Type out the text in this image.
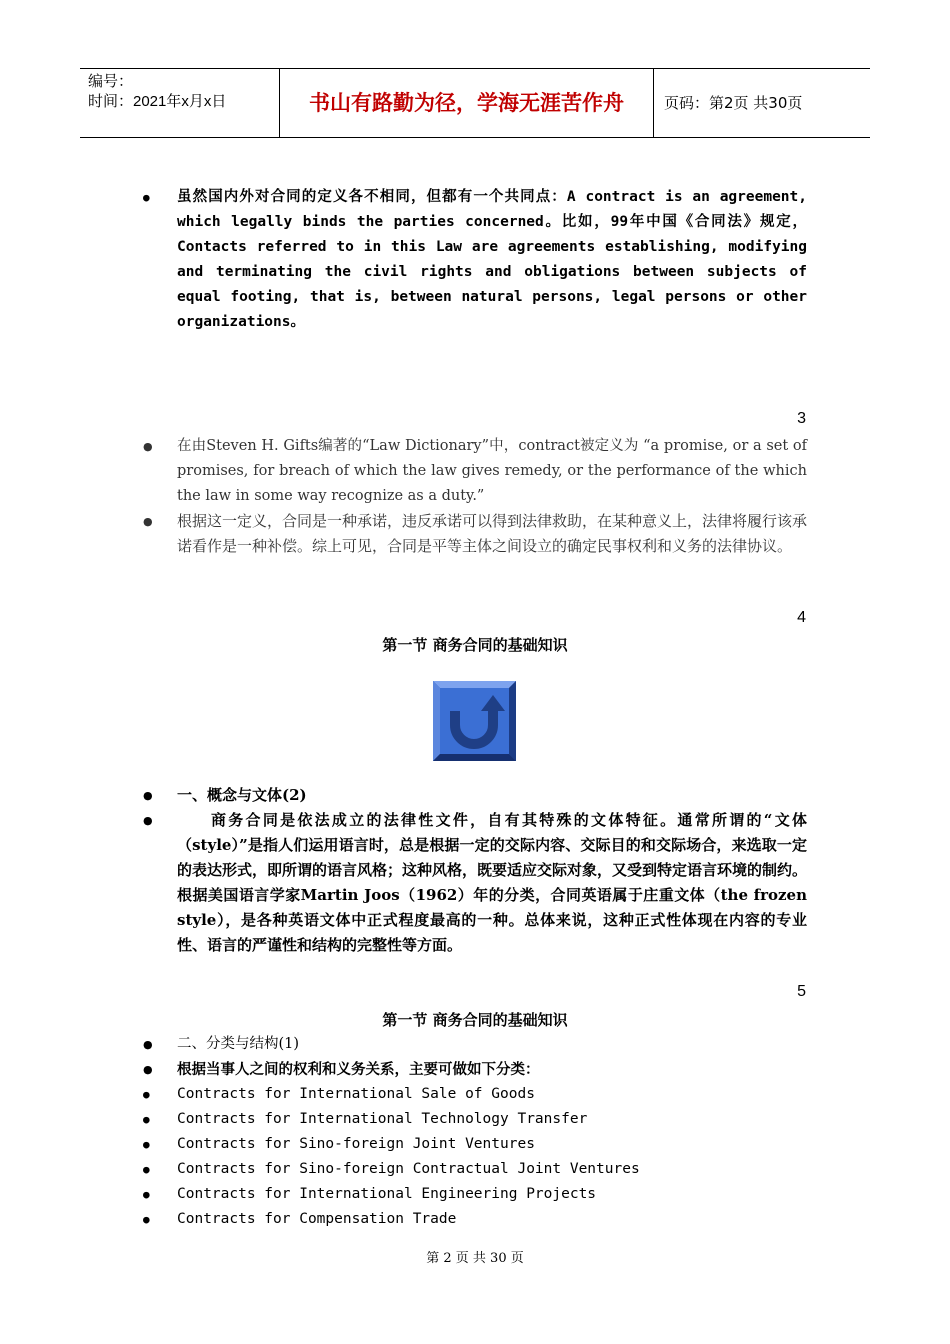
编号：
时间：2021年x月x日	书山有路勤为径，学海无涯苦作舟	页码：第2页 共30页
● 虽然国内外对合同的定义各不相同，但都有一个共同点：A contract is an agreement, which legally binds the parties concerned。比如，99年中国《合同法》规定，Contacts referred to in this Law are agreements establishing, modifying and terminating the civil rights and obligations between subjects of equal footing, that is, between natural persons, legal persons or other organizations。
3
● 在由Steven H. Gifts编著的“Law Dictionary”中，contract被定义为 “a promise, or a set of promises, for breach of which the law gives remedy, or the performance of the which the law in some way recognize as a duty.”
● 根据这一定义，合同是一种承诺，违反承诺可以得到法律救助，在某种意义上，法律将履行该承诺看作是一种补偿。综上可见，合同是平等主体之间设立的确定民事权利和义务的法律协议。
4
第一节 商务合同的基础知识
● 一、概念与文体(2)
●	商务合同是依法成立的法律性文件，自有其特殊的文体特征。通常所谓的“文体（style）”是指人们运用语言时，总是根据一定的交际内容、交际目的和交际场合，来选取一定的表达形式，即所谓的语言风格；这种风格，既要适应交际对象，又受到特定语言环境的制约。根据美国语言学家Martin Joos（1962）年的分类，合同英语属于庄重文体（the frozen style），是各种英语文体中正式程度最高的一种。总体来说，这种正式性体现在内容的专业性、语言的严谨性和结构的完整性等方面。
5
第一节 商务合同的基础知识
● 二、分类与结构(1)
● 根据当事人之间的权利和义务关系，主要可做如下分类：
● Contracts for International Sale of Goods
● Contracts for International Technology Transfer
● Contracts for Sino-foreign Joint Ventures
● Contracts for Sino-foreign Contractual Joint Ventures
● Contracts for International Engineering Projects
● Contracts for Compensation Trade
第 2 页 共 30 页
